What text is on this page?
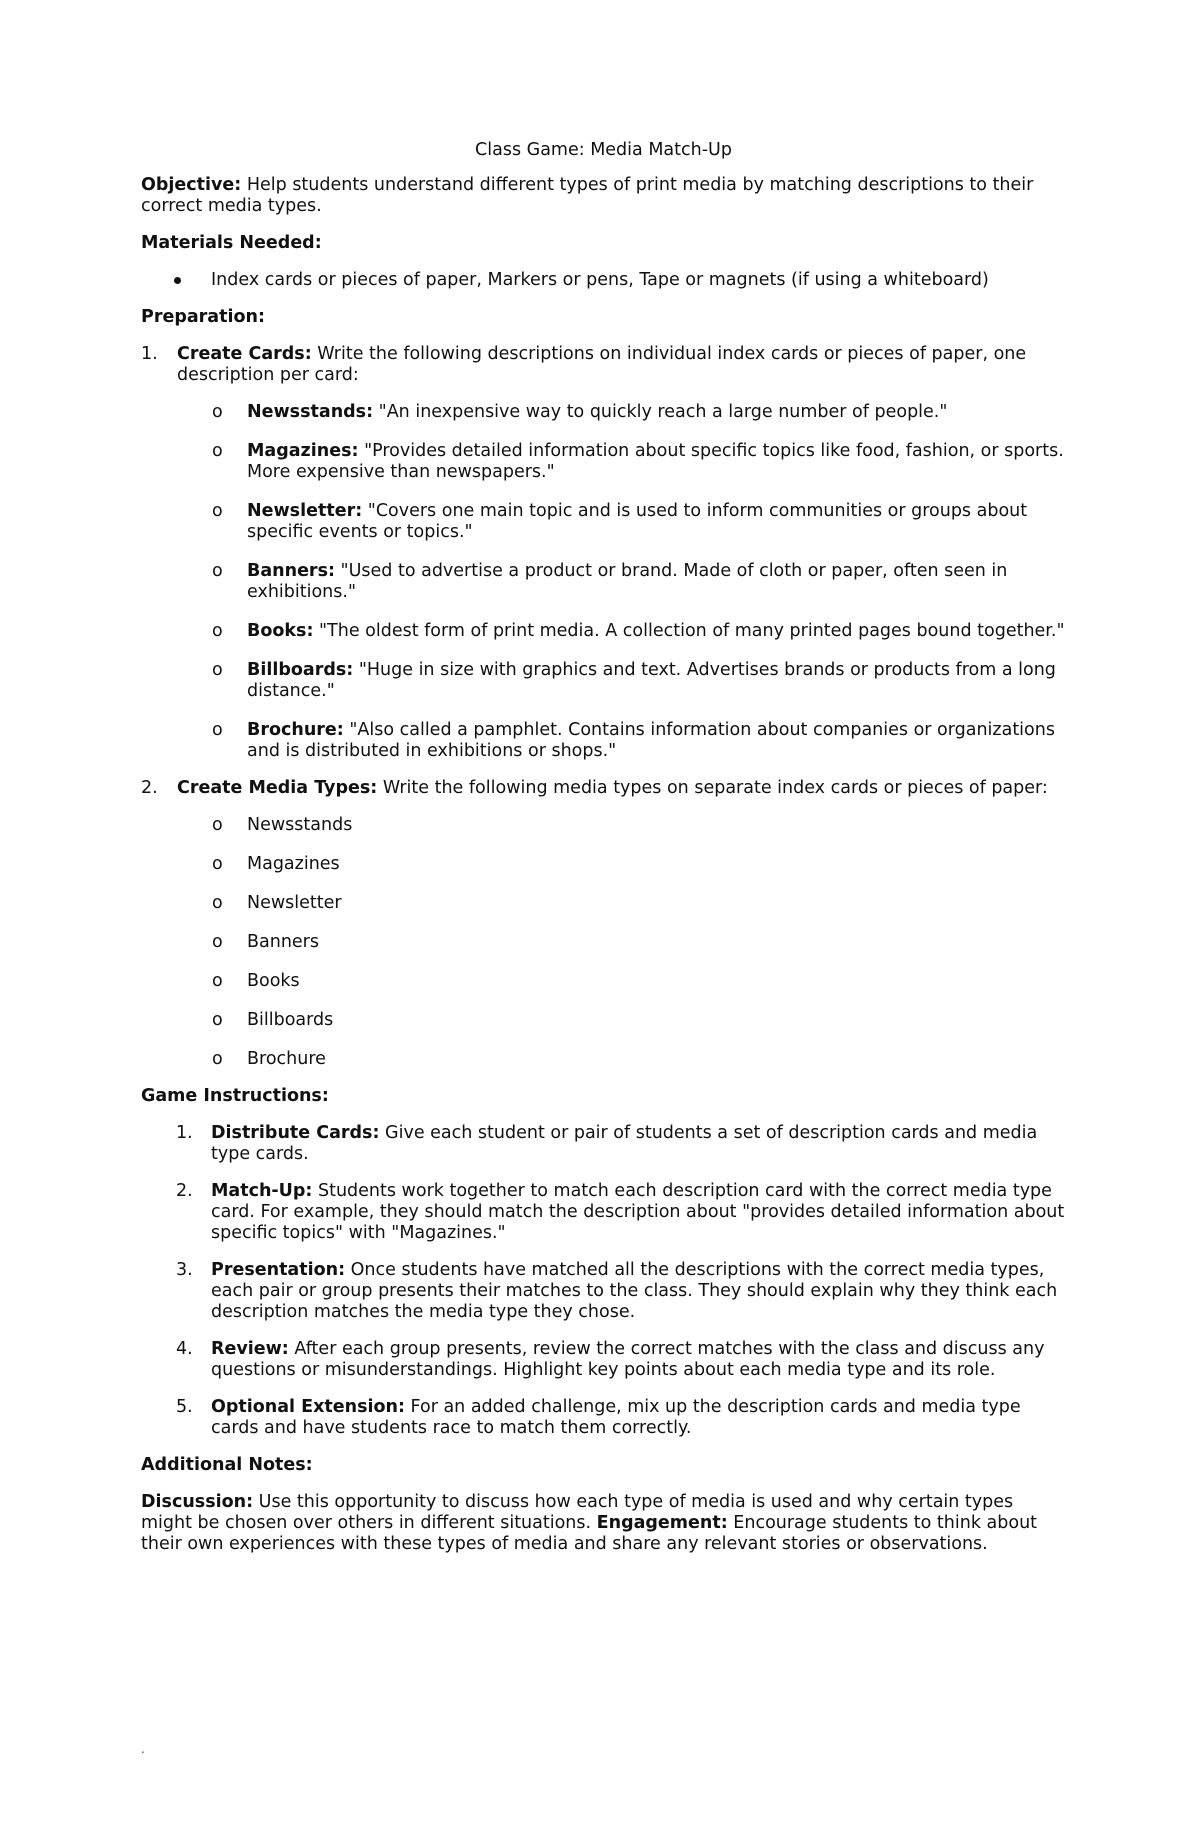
Class Game: Media Match-Up

Objective: Help students understand different types of print media by matching descriptions to their correct media types.

Materials Needed:
Index cards or pieces of paper, Markers or pens, Tape or magnets (if using a whiteboard)
Preparation:
1. Create Cards: Write the following descriptions on individual index cards or pieces of paper, one description per card:
o Newsstands: "An inexpensive way to quickly reach a large number of people."
o Magazines: "Provides detailed information about specific topics like food, fashion, or sports. More expensive than newspapers."
o Newsletter: "Covers one main topic and is used to inform communities or groups about specific events or topics."
o Banners: "Used to advertise a product or brand. Made of cloth or paper, often seen in exhibitions."
o Books: "The oldest form of print media. A collection of many printed pages bound together."
o Billboards: "Huge in size with graphics and text. Advertises brands or products from a long distance."
o Brochure: "Also called a pamphlet. Contains information about companies or organizations and is distributed in exhibitions or shops."
2. Create Media Types: Write the following media types on separate index cards or pieces of paper:
o Newsstands
o Magazines
o Newsletter
o Banners
o Books
o Billboards
o Brochure
Game Instructions:
1. Distribute Cards: Give each student or pair of students a set of description cards and media type cards.
2. Match-Up: Students work together to match each description card with the correct media type card. For example, they should match the description about "provides detailed information about specific topics" with "Magazines."
3. Presentation: Once students have matched all the descriptions with the correct media types, each pair or group presents their matches to the class. They should explain why they think each description matches the media type they chose.
4. Review: After each group presents, review the correct matches with the class and discuss any questions or misunderstandings. Highlight key points about each media type and its role.
5. Optional Extension: For an added challenge, mix up the description cards and media type cards and have students race to match them correctly.
Additional Notes:

Discussion: Use this opportunity to discuss how each type of media is used and why certain types might be chosen over others in different situations. Engagement: Encourage students to think about their own experiences with these types of media and share any relevant stories or observations.

.
